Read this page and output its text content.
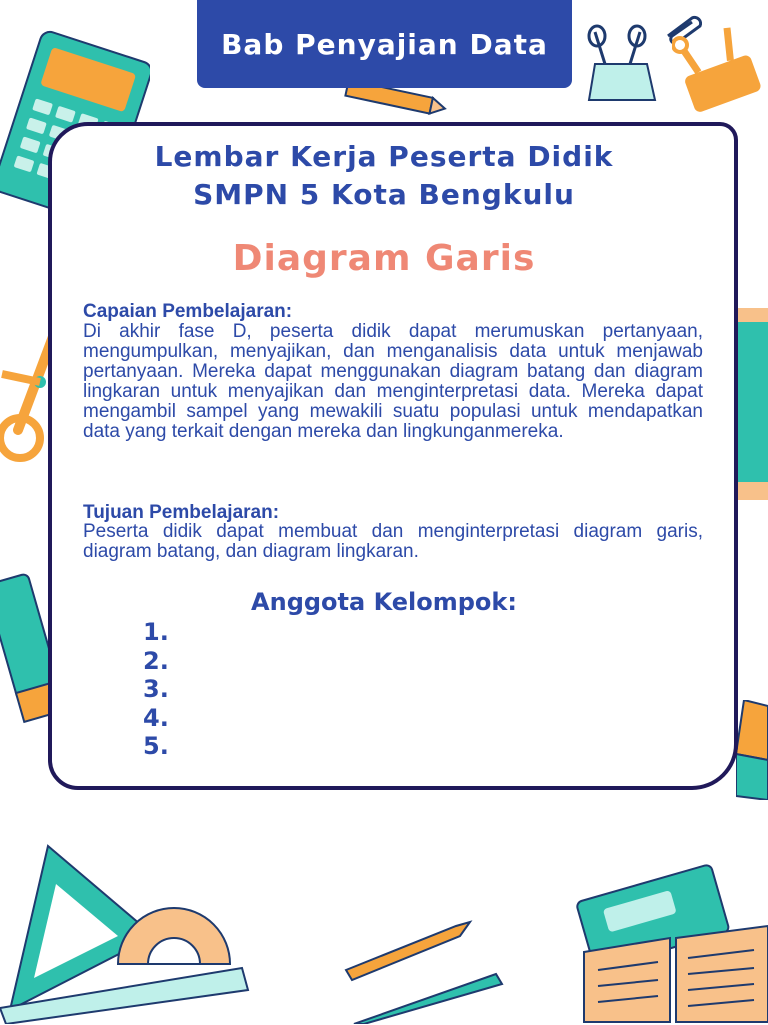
Bab Penyajian Data
Lembar Kerja Peserta Didik
SMPN 5 Kota Bengkulu
Diagram Garis
Capaian Pembelajaran:
Di akhir fase D, peserta didik dapat merumuskan pertanyaan, mengumpulkan, menyajikan, dan menganalisis data untuk menjawab pertanyaan. Mereka dapat menggunakan diagram batang dan diagram lingkaran untuk menyajikan dan menginterpretasi data. Mereka dapat mengambil sampel yang mewakili suatu populasi untuk mendapatkan data yang terkait dengan mereka dan lingkunganmereka.
Tujuan Pembelajaran:
Peserta didik dapat membuat dan menginterpretasi diagram garis, diagram batang, dan diagram lingkaran.
Anggota Kelompok:
1.
2.
3.
4.
5.
